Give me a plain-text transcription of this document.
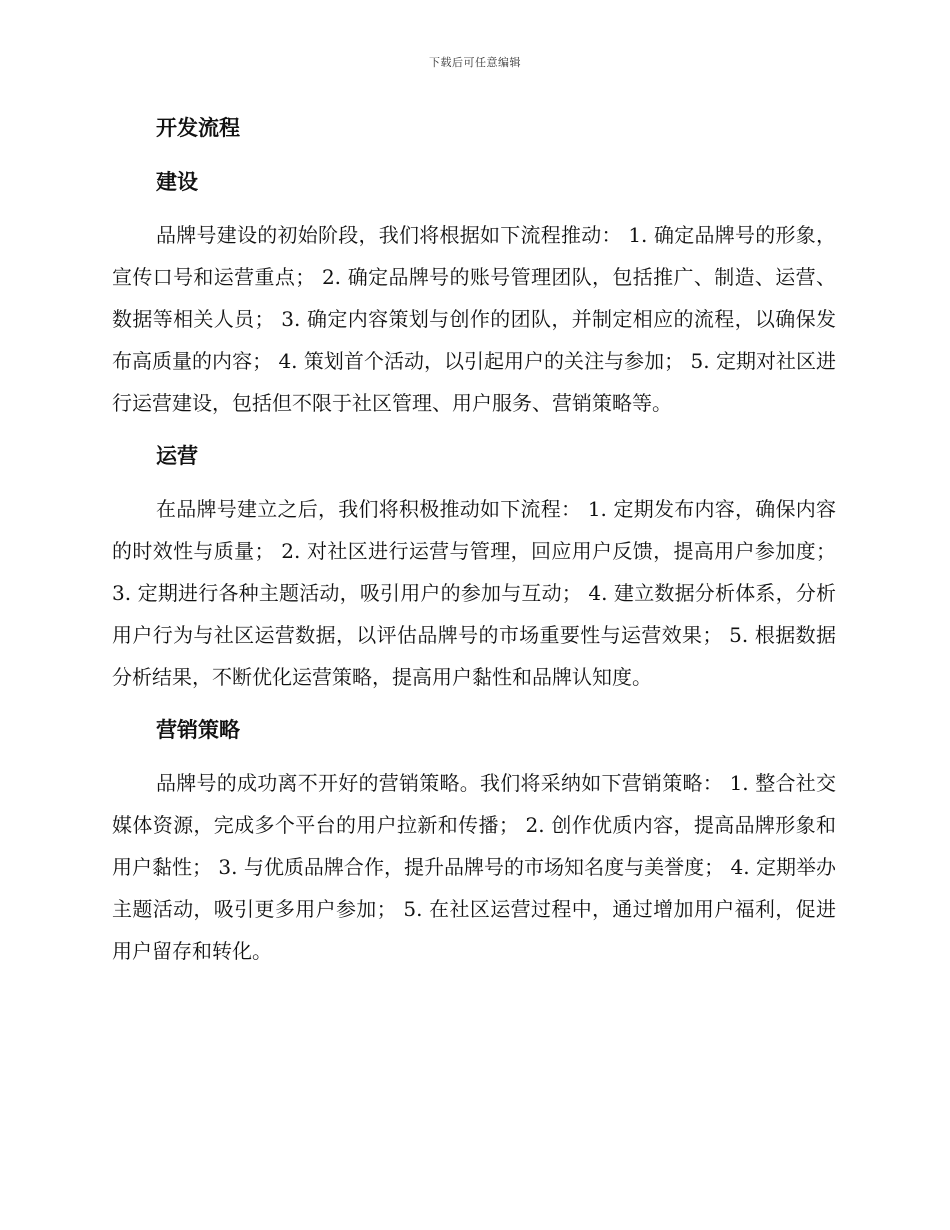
下载后可任意编辑
开发流程
建设

品牌号建设的初始阶段，我们将根据如下流程推动： 1. 确定品牌号的形象，宣传口号和运营重点； 2. 确定品牌号的账号管理团队，包括推广、制造、运营、数据等相关人员； 3. 确定内容策划与创作的团队，并制定相应的流程，以确保发布高质量的内容； 4. 策划首个活动，以引起用户的关注与参加； 5. 定期对社区进行运营建设，包括但不限于社区管理、用户服务、营销策略等。

运营

在品牌号建立之后，我们将积极推动如下流程： 1. 定期发布内容，确保内容的时效性与质量； 2. 对社区进行运营与管理，回应用户反馈，提高用户参加度； 3. 定期进行各种主题活动，吸引用户的参加与互动； 4. 建立数据分析体系，分析用户行为与社区运营数据，以评估品牌号的市场重要性与运营效果； 5. 根据数据分析结果，不断优化运营策略，提高用户黏性和品牌认知度。

营销策略

品牌号的成功离不开好的营销策略。我们将采纳如下营销策略： 1. 整合社交媒体资源，完成多个平台的用户拉新和传播； 2. 创作优质内容，提高品牌形象和用户黏性； 3. 与优质品牌合作，提升品牌号的市场知名度与美誉度； 4. 定期举办主题活动，吸引更多用户参加； 5. 在社区运营过程中，通过增加用户福利，促进用户留存和转化。
